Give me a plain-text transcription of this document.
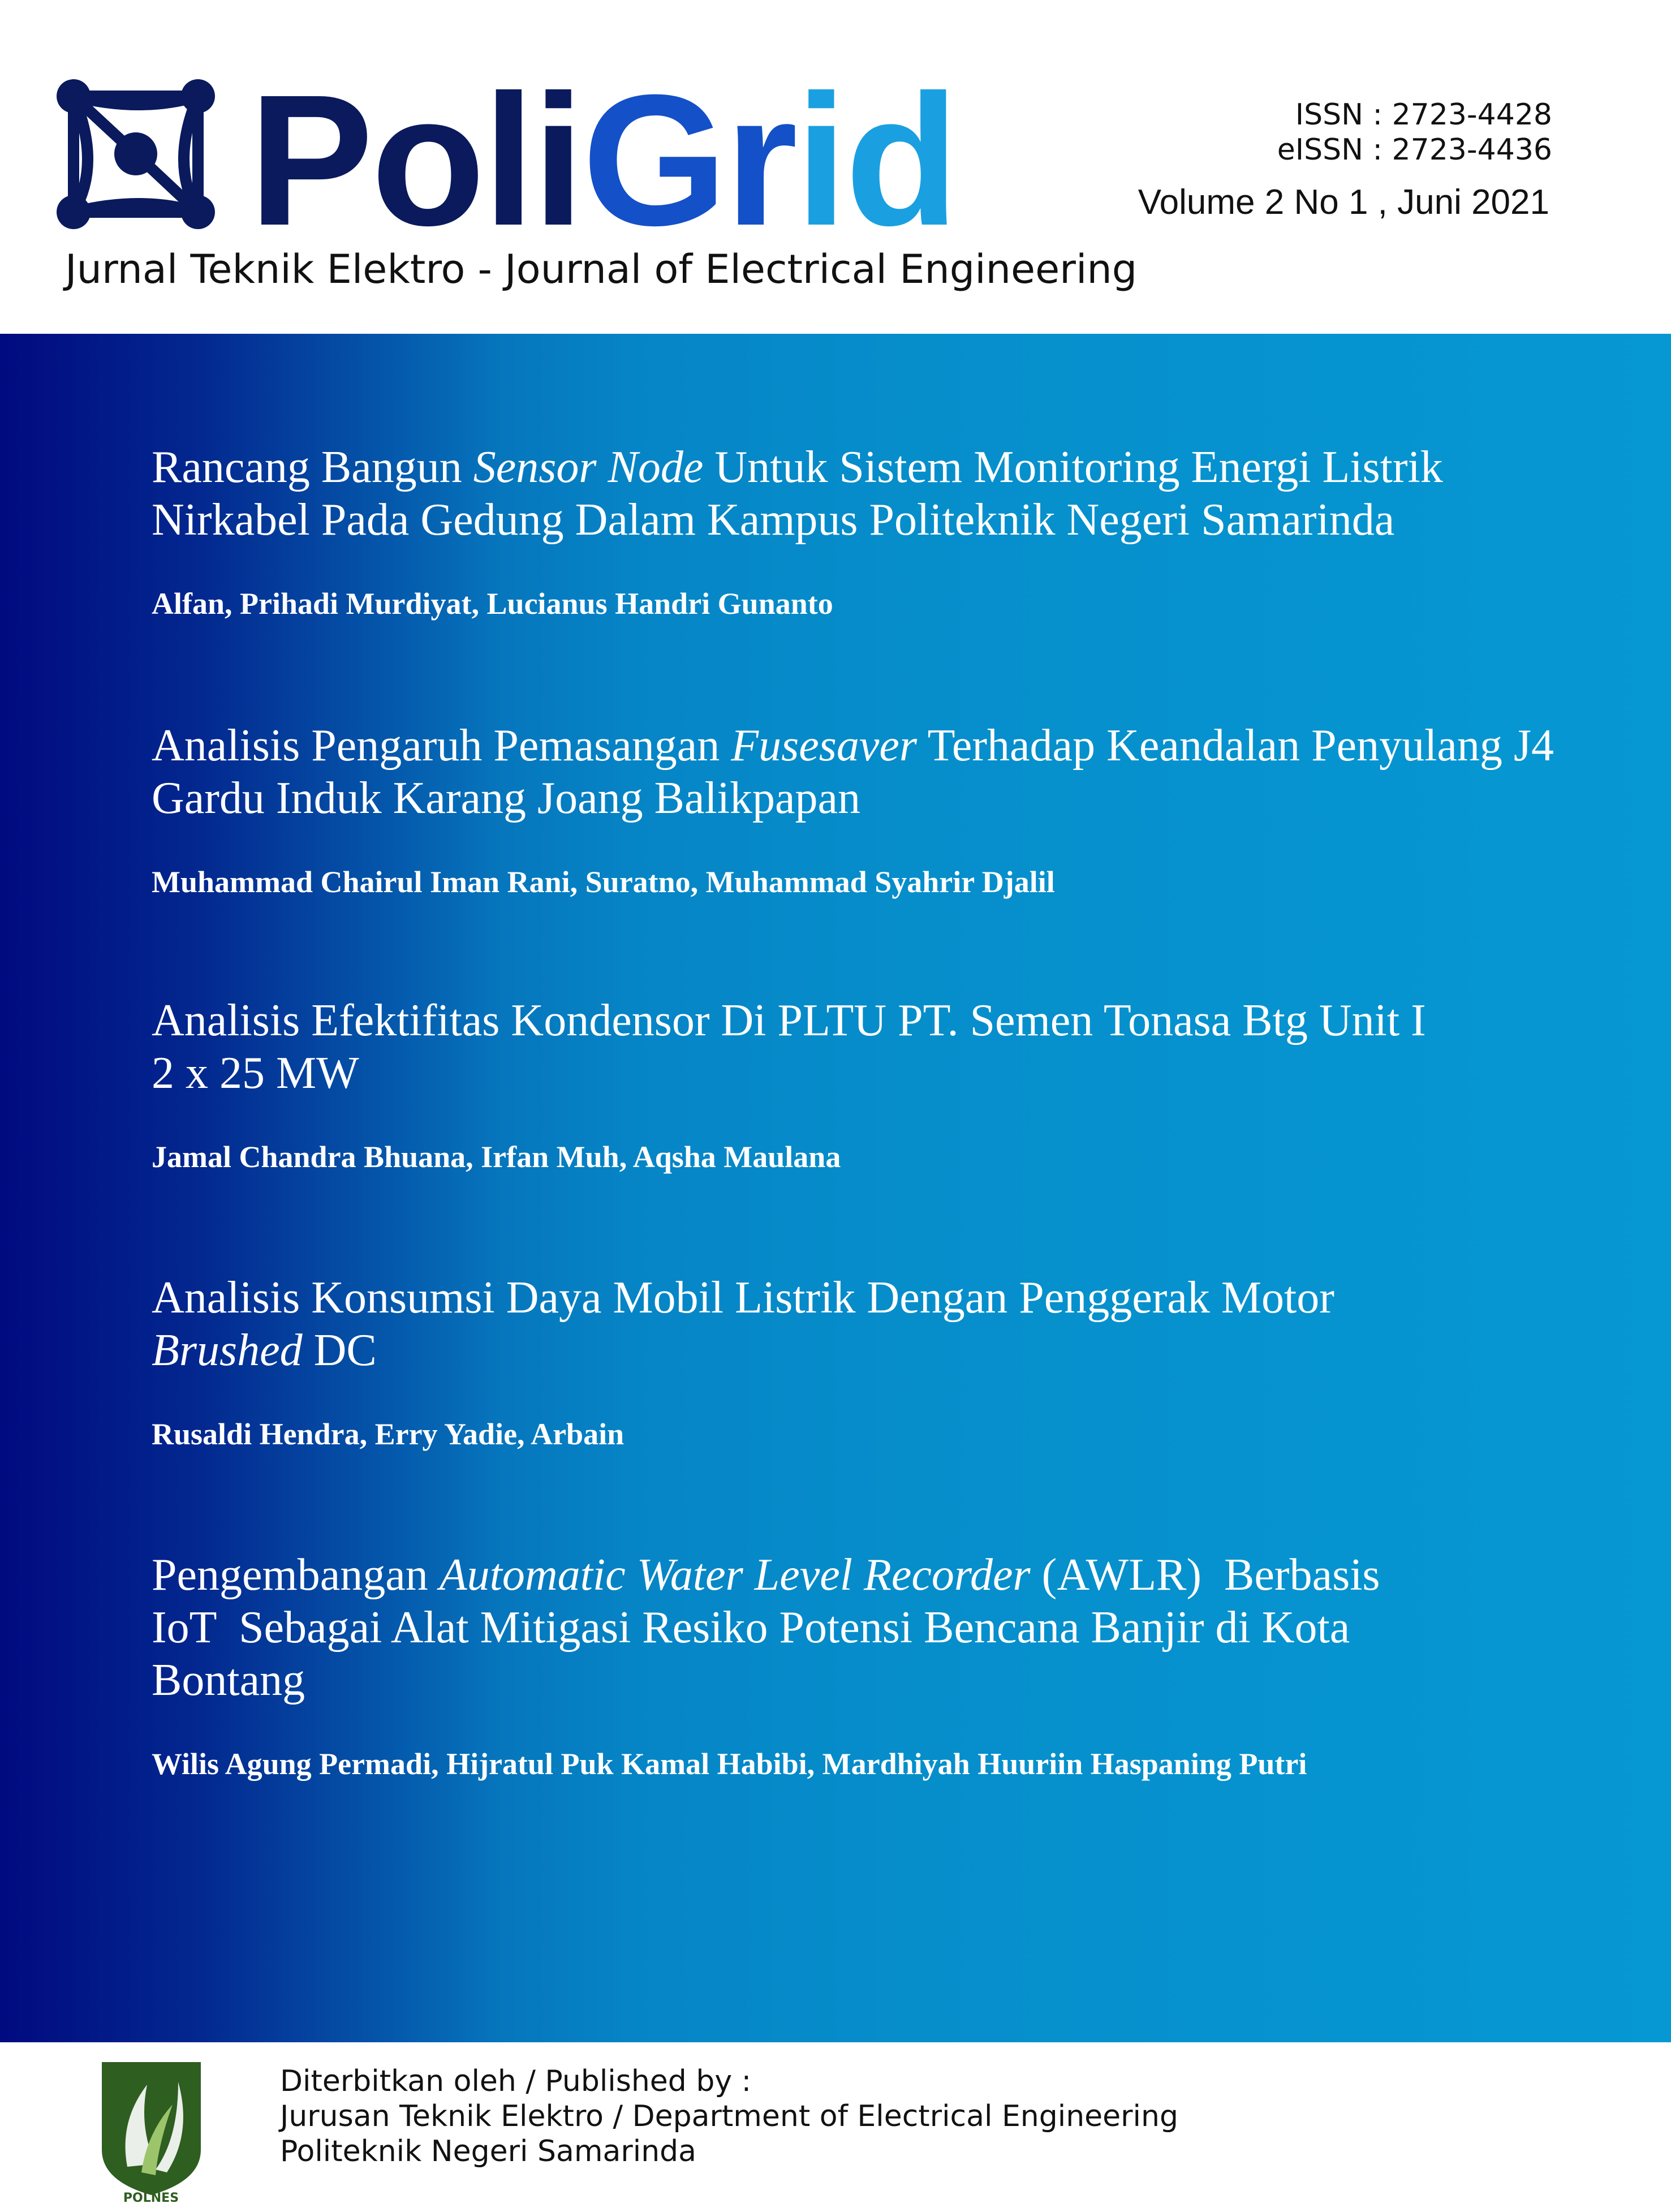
PoliGrid
Jurnal Teknik Elektro - Journal of Electrical Engineering
ISSN : 2723-4428
eISSN : 2723-4436
Volume 2 No 1 , Juni 2021
Rancang Bangun Sensor Node Untuk Sistem Monitoring Energi Listrik Nirkabel Pada Gedung Dalam Kampus Politeknik Negeri Samarinda
Alfan, Prihadi Murdiyat, Lucianus Handri Gunanto
Analisis Pengaruh Pemasangan Fusesaver Terhadap Keandalan Penyulang J4 Gardu Induk Karang Joang Balikpapan
Muhammad Chairul Iman Rani, Suratno, Muhammad Syahrir Djalil
Analisis Efektifitas Kondensor Di PLTU PT. Semen Tonasa Btg Unit I
2 x 25 MW
Jamal Chandra Bhuana, Irfan Muh, Aqsha Maulana
Analisis Konsumsi Daya Mobil Listrik Dengan Penggerak Motor
Brushed DC
Rusaldi Hendra, Erry Yadie, Arbain
Pengembangan Automatic Water Level Recorder (AWLR)  Berbasis
IoT  Sebagai Alat Mitigasi Resiko Potensi Bencana Banjir di Kota
Bontang
Wilis Agung Permadi, Hijratul Puk Kamal Habibi, Mardhiyah Huuriin Haspaning Putri
POLNES
Diterbitkan oleh / Published by :
Jurusan Teknik Elektro / Department of Electrical Engineering
Politeknik Negeri Samarinda
